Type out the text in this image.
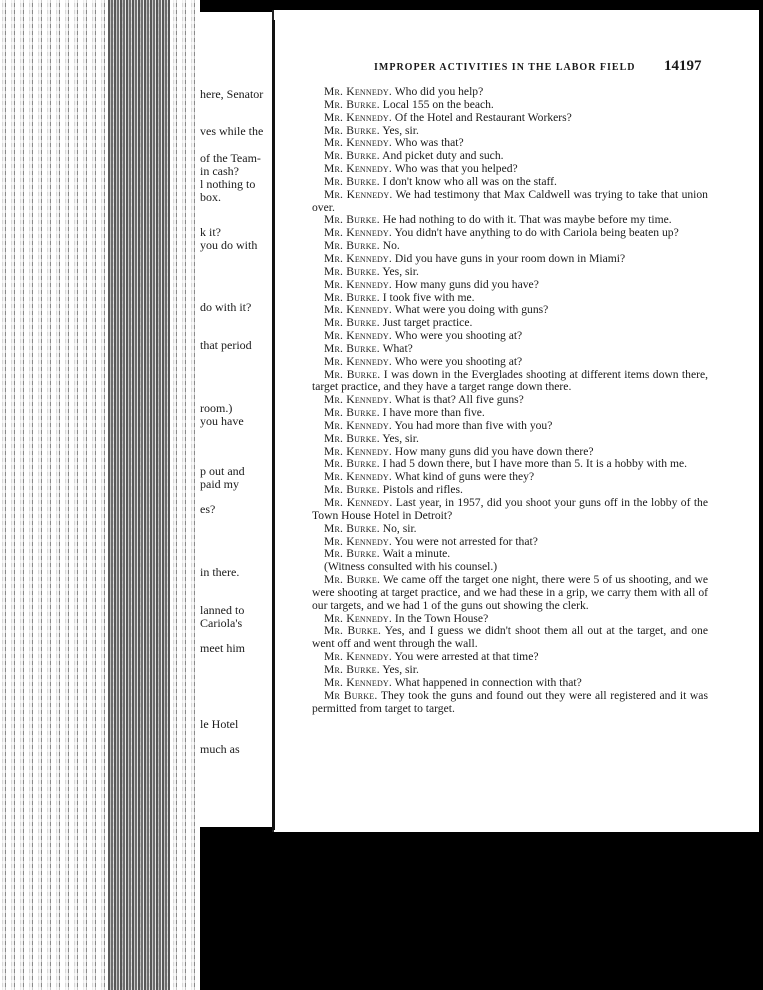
here, Senator
ves while the
of the Team-
in cash?
l nothing to
box.
k it?
you do with
do with it?
that period
room.)
you have
p out and
paid my
es?
in there.
lanned to
Cariola's
meet him
le Hotel
much as
IMPROPER ACTIVITIES IN THE LABOR FIELD 14197

Mr. Kennedy. Who did you help?

Mr. Burke. Local 155 on the beach.

Mr. Kennedy. Of the Hotel and Restaurant Workers?

Mr. Burke. Yes, sir.

Mr. Kennedy. Who was that?

Mr. Burke. And picket duty and such.

Mr. Kennedy. Who was that you helped?

Mr. Burke. I don't know who all was on the staff.

Mr. Kennedy. We had testimony that Max Caldwell was trying to take that union over.

Mr. Burke. He had nothing to do with it. That was maybe before my time.

Mr. Kennedy. You didn't have anything to do with Cariola being beaten up?

Mr. Burke. No.

Mr. Kennedy. Did you have guns in your room down in Miami?

Mr. Burke. Yes, sir.

Mr. Kennedy. How many guns did you have?

Mr. Burke. I took five with me.

Mr. Kennedy. What were you doing with guns?

Mr. Burke. Just target practice.

Mr. Kennedy. Who were you shooting at?

Mr. Burke. What?

Mr. Kennedy. Who were you shooting at?

Mr. Burke. I was down in the Everglades shooting at different items down there, target practice, and they have a target range down there.

Mr. Kennedy. What is that? All five guns?

Mr. Burke. I have more than five.

Mr. Kennedy. You had more than five with you?

Mr. Burke. Yes, sir.

Mr. Kennedy. How many guns did you have down there?

Mr. Burke. I had 5 down there, but I have more than 5. It is a hobby with me.

Mr. Kennedy. What kind of guns were they?

Mr. Burke. Pistols and rifles.

Mr. Kennedy. Last year, in 1957, did you shoot your guns off in the lobby of the Town House Hotel in Detroit?

Mr. Burke. No, sir.

Mr. Kennedy. You were not arrested for that?

Mr. Burke. Wait a minute.

(Witness consulted with his counsel.)

Mr. Burke. We came off the target one night, there were 5 of us shooting, and we were shooting at target practice, and we had these in a grip, we carry them with all of our targets, and we had 1 of the guns out showing the clerk.

Mr. Kennedy. In the Town House?

Mr. Burke. Yes, and I guess we didn't shoot them all out at the target, and one went off and went through the wall.

Mr. Kennedy. You were arrested at that time?

Mr. Burke. Yes, sir.

Mr. Kennedy. What happened in connection with that?

Mr Burke. They took the guns and found out they were all registered and it was permitted from target to target.
